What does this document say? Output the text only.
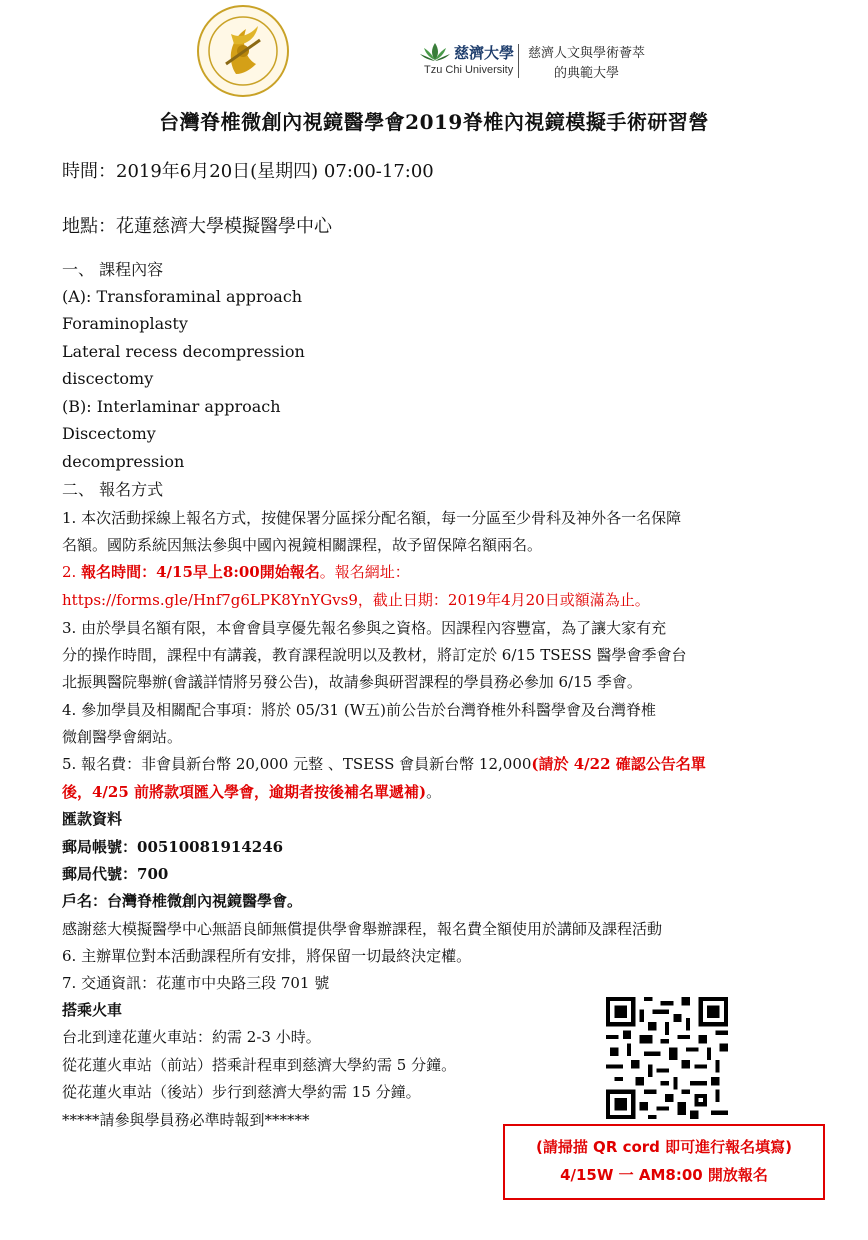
慈濟大學
Tzu Chi University
慈濟人文與學術薈萃
的典範大學
台灣脊椎微創內視鏡醫學會2019脊椎內視鏡模擬手術研習營
時間：2019年6月20日(星期四) 07:00-17:00
地點：花蓮慈濟大學模擬醫學中心
一、 課程內容
(A): Transforaminal approach
Foraminoplasty
Lateral recess decompression
discectomy
(B): Interlaminar approach
Discectomy
decompression
二、 報名方式
1. 本次活動採線上報名方式，按健保署分區採分配名額，每一分區至少骨科及神外各一名保障
名額。國防系統因無法參與中國內視鏡相關課程，故予留保障名額兩名。
2. 報名時間：4/15早上8:00開始報名。報名網址：
https://forms.gle/Hnf7g6LPK8YnYGvs9，截止日期：2019年4月20日或額滿為止。
3. 由於學員名額有限，本會會員享優先報名參與之資格。因課程內容豐富，為了讓大家有充
分的操作時間，課程中有講義，教育課程說明以及教材，將訂定於 6/15 TSESS 醫學會季會台
北振興醫院舉辦(會議詳情將另發公告)，故請參與研習課程的學員務必參加 6/15 季會。
4. 參加學員及相關配合事項：將於 05/31 (W五)前公告於台灣脊椎外科醫學會及台灣脊椎
微創醫學會網站。
5. 報名費：非會員新台幣 20,000 元整 、TSESS 會員新台幣 12,000(請於 4/22 確認公告名單
後，4/25 前將款項匯入學會，逾期者按後補名單遞補)。
匯款資料
郵局帳號：00510081914246
郵局代號：700
戶名：台灣脊椎微創內視鏡醫學會。
感謝慈大模擬醫學中心無語良師無償提供學會舉辦課程，報名費全額使用於講師及課程活動
6. 主辦單位對本活動課程所有安排，將保留一切最終決定權。
7. 交通資訊：花蓮市中央路三段 701 號
搭乘火車
台北到達花蓮火車站：約需 2-3 小時。
從花蓮火車站（前站）搭乘計程車到慈濟大學約需 5 分鐘。
從花蓮火車站（後站）步行到慈濟大學約需 15 分鐘。
*****請參與學員務必準時報到******
(請掃描 QR cord 即可進行報名填寫)
4/15W 一 AM8:00 開放報名
